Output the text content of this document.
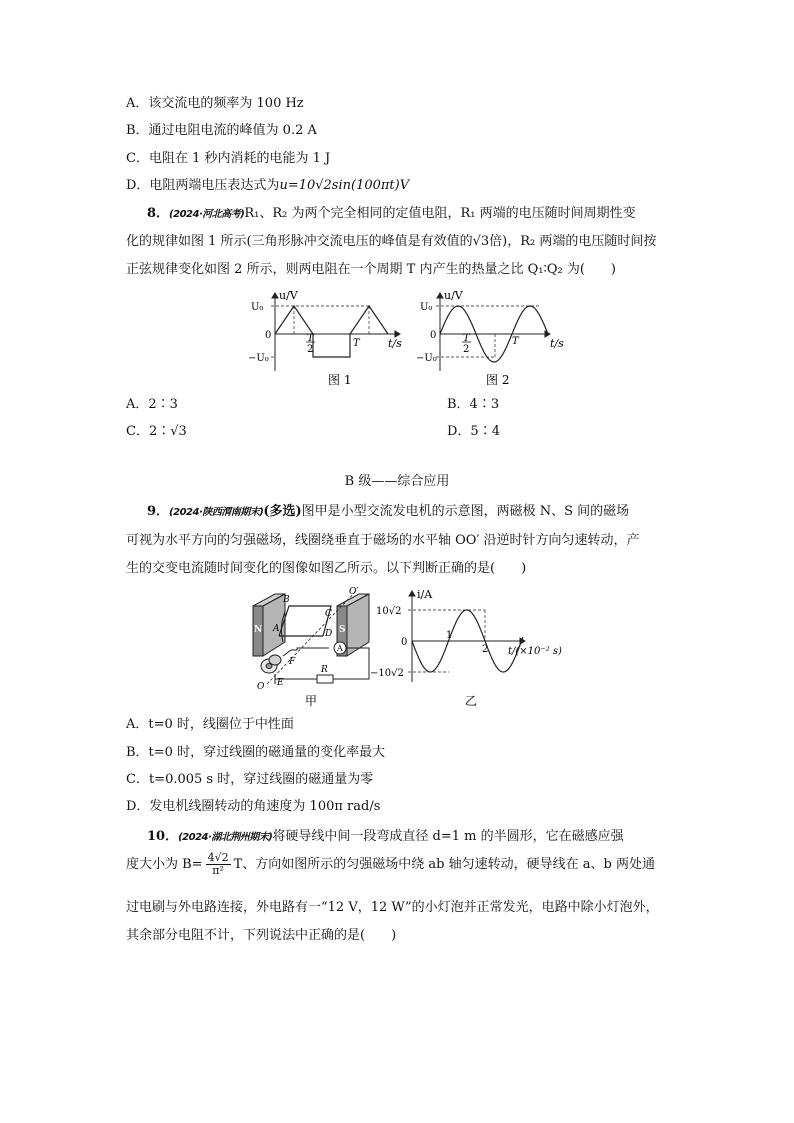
A．该交流电的频率为 100 Hz
B．通过电阻电流的峰值为 0.2 A
C．电阻在 1 秒内消耗的电能为 1 J
D．电阻两端电压表达式为u=10√2sin(100πt)V
8．(2024·河北高考)R₁、R₂ 为两个完全相同的定值电阻，R₁ 两端的电压随时间周期性变
化的规律如图 1 所示(三角形脉冲交流电压的峰值是有效值的√3倍)，R₂ 两端的电压随时间按
正弦规律变化如图 2 所示，则两电阻在一个周期 T 内产生的热量之比 Q₁∶Q₂ 为(　　)
u/V
U₀
0
−U₀
T
2
T	t/s
图 1
u/V
U₀
0
−U₀
T
2
T	t/s
图 2
A．2∶3	B．4∶3
C．2∶√3	D．5∶4
B 级——综合应用
9．(2024·陕西渭南期末)(多选)图甲是小型交流发电机的示意图，两磁极 N、S 间的磁场
可视为水平方向的匀强磁场，线圈绕垂直于磁场的水平轴 OO′ 沿逆时针方向匀速转动，产
生的交变电流随时间变化的图像如图乙所示。以下判断正确的是(　　)
N	S
A
B
C
D
O′
F
E
O
A
R
甲
i/A
10√2
0
−10√2
1
2 t/(×10⁻² s)
乙
A．t=0 时，线圈位于中性面
B．t=0 时，穿过线圈的磁通量的变化率最大
C．t=0.005 s 时，穿过线圈的磁通量为零
D．发电机线圈转动的角速度为 100π rad/s
10．(2024·湖北荆州期末)将硬导线中间一段弯成直径 d=1 m 的半圆形，它在磁感应强
度大小为 $B= \frac{4√2}{\text{π²}}$ T、方向如图所示的匀强磁场中绕 ab 轴匀速转动，硬导线在 a、b 两处通
过电刷与外电路连接，外电路有一“12 V，12 W”的小灯泡并正常发光，电路中除小灯泡外，
其余部分电阻不计，下列说法中正确的是(　　)
